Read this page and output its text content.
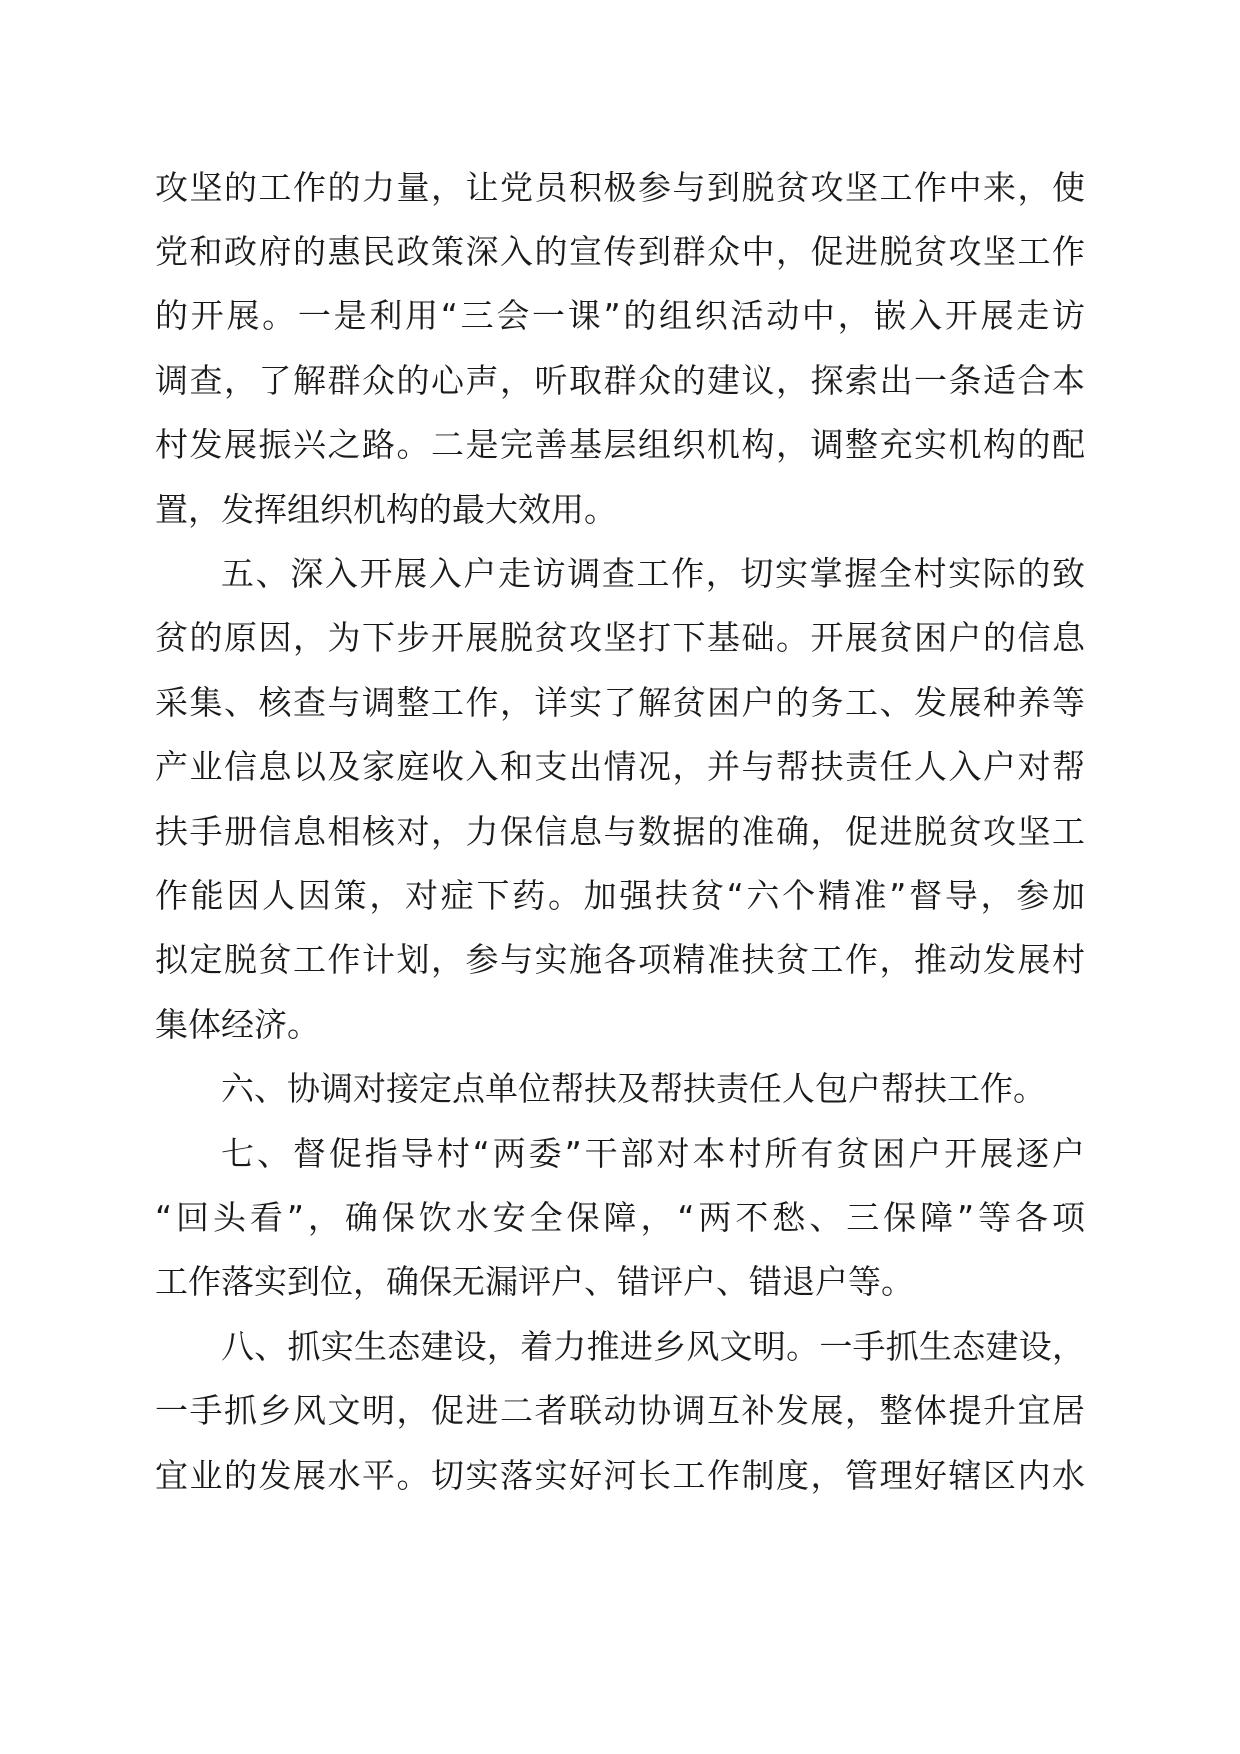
攻坚的工作的力量，让党员积极参与到脱贫攻坚工作中来，使

党和政府的惠民政策深入的宣传到群众中，促进脱贫攻坚工作

的开展。一是利用“三会一课”的组织活动中，嵌入开展走访

调查，了解群众的心声，听取群众的建议，探索出一条适合本

村发展振兴之路。二是完善基层组织机构，调整充实机构的配

置，发挥组织机构的最大效用。

五、深入开展入户走访调查工作，切实掌握全村实际的致

贫的原因，为下步开展脱贫攻坚打下基础。开展贫困户的信息

采集、核查与调整工作，详实了解贫困户的务工、发展种养等

产业信息以及家庭收入和支出情况，并与帮扶责任人入户对帮

扶手册信息相核对，力保信息与数据的准确，促进脱贫攻坚工

作能因人因策，对症下药。加强扶贫“六个精准”督导，参加

拟定脱贫工作计划，参与实施各项精准扶贫工作，推动发展村

集体经济。

六、协调对接定点单位帮扶及帮扶责任人包户帮扶工作。

七、督促指导村“两委”干部对本村所有贫困户开展逐户

“回头看”，确保饮水安全保障，“两不愁、三保障”等各项

工作落实到位，确保无漏评户、错评户、错退户等。

八、抓实生态建设，着力推进乡风文明。一手抓生态建设，

一手抓乡风文明，促进二者联动协调互补发展，整体提升宜居

宜业的发展水平。切实落实好河长工作制度，管理好辖区内水
